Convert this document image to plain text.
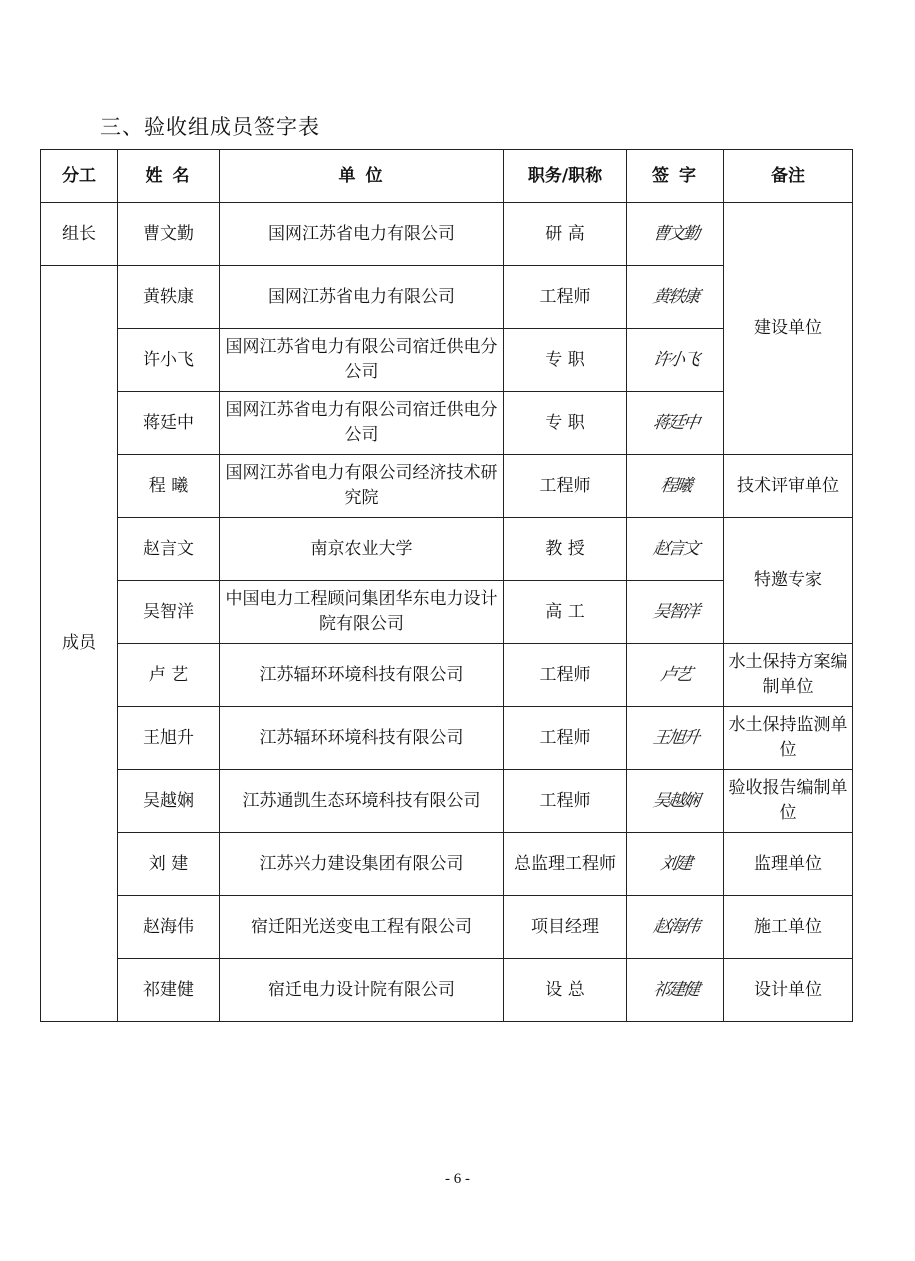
三、验收组成员签字表
分工	姓 名	单 位	职务/职称	签 字	备注
组长	曹文勤	国网江苏省电力有限公司	研 高	曹文勤	建设单位
成员	黄轶康	国网江苏省电力有限公司	工程师	黄轶康	
	许小飞	国网江苏省电力有限公司宿迁供电分公司	专 职	许小飞	
	蒋廷中	国网江苏省电力有限公司宿迁供电分公司	专 职	蒋廷中	
	程 曦	国网江苏省电力有限公司经济技术研究院	工程师	程曦	技术评审单位
	赵言文	南京农业大学	教 授	赵言文	特邀专家
	吴智洋	中国电力工程顾问集团华东电力设计院有限公司	高 工	吴智洋	
	卢 艺	江苏辐环环境科技有限公司	工程师	卢艺	水土保持方案编制单位
	王旭升	江苏辐环环境科技有限公司	工程师	王旭升	水土保持监测单位
	吴越娴	江苏通凯生态环境科技有限公司	工程师	吴越娴	验收报告编制单位
	刘 建	江苏兴力建设集团有限公司	总监理工程师	刘建	监理单位
	赵海伟	宿迁阳光送变电工程有限公司	项目经理	赵海伟	施工单位
	祁建健	宿迁电力设计院有限公司	设 总	祁建健	设计单位
- 6 -
